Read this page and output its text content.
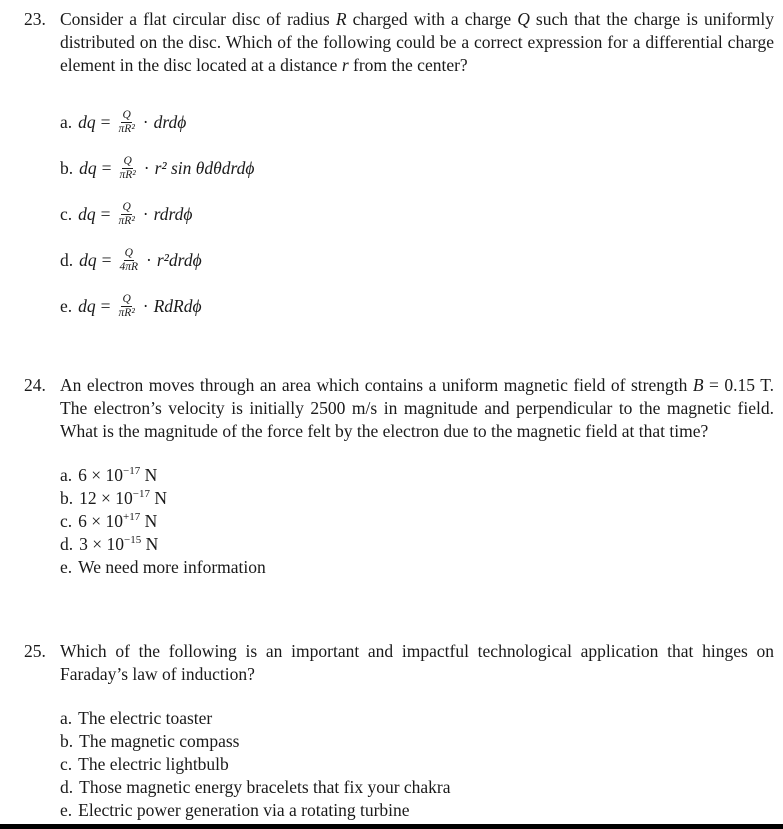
23. Consider a flat circular disc of radius R charged with a charge Q such that the charge is uniformly distributed on the disc. Which of the following could be a correct expression for a differential charge element in the disc located at a distance r from the center?
a. dq = $\frac{Q}{\text{πR²}} \cdot drd\phi$
b. dq = $\frac{Q}{\text{πR²}} \cdot r^2$ sin θdθdrdϕ
c. dq = $\frac{Q}{\text{πR²}}$ · rdrdϕ
d. dq = $\frac{Q}{4\pi R} \cdot r^2drd\phi$
e. dq = $\frac{Q}{\text{πR²}}$ · RdRdϕ
24. An electron moves through an area which contains a uniform magnetic field of strength B = 0.15 T. The electron’s velocity is initially 2500 m/s in magnitude and perpendicular to the magnetic field. What is the magnitude of the force felt by the electron due to the magnetic field at that time?
a. $6 \times 10^{-17}$ N
b. $12 \times 10^{-17}$ N
c. $6 \times 10^{+17}$ N
d. $3 \times 10^{-15}$ N
e. We need more information
25. Which of the following is an important and impactful technological application that hinges on Faraday’s law of induction?
a. The electric toaster
b. The magnetic compass
c. The electric lightbulb
d. Those magnetic energy bracelets that fix your chakra
e. Electric power generation via a rotating turbine
